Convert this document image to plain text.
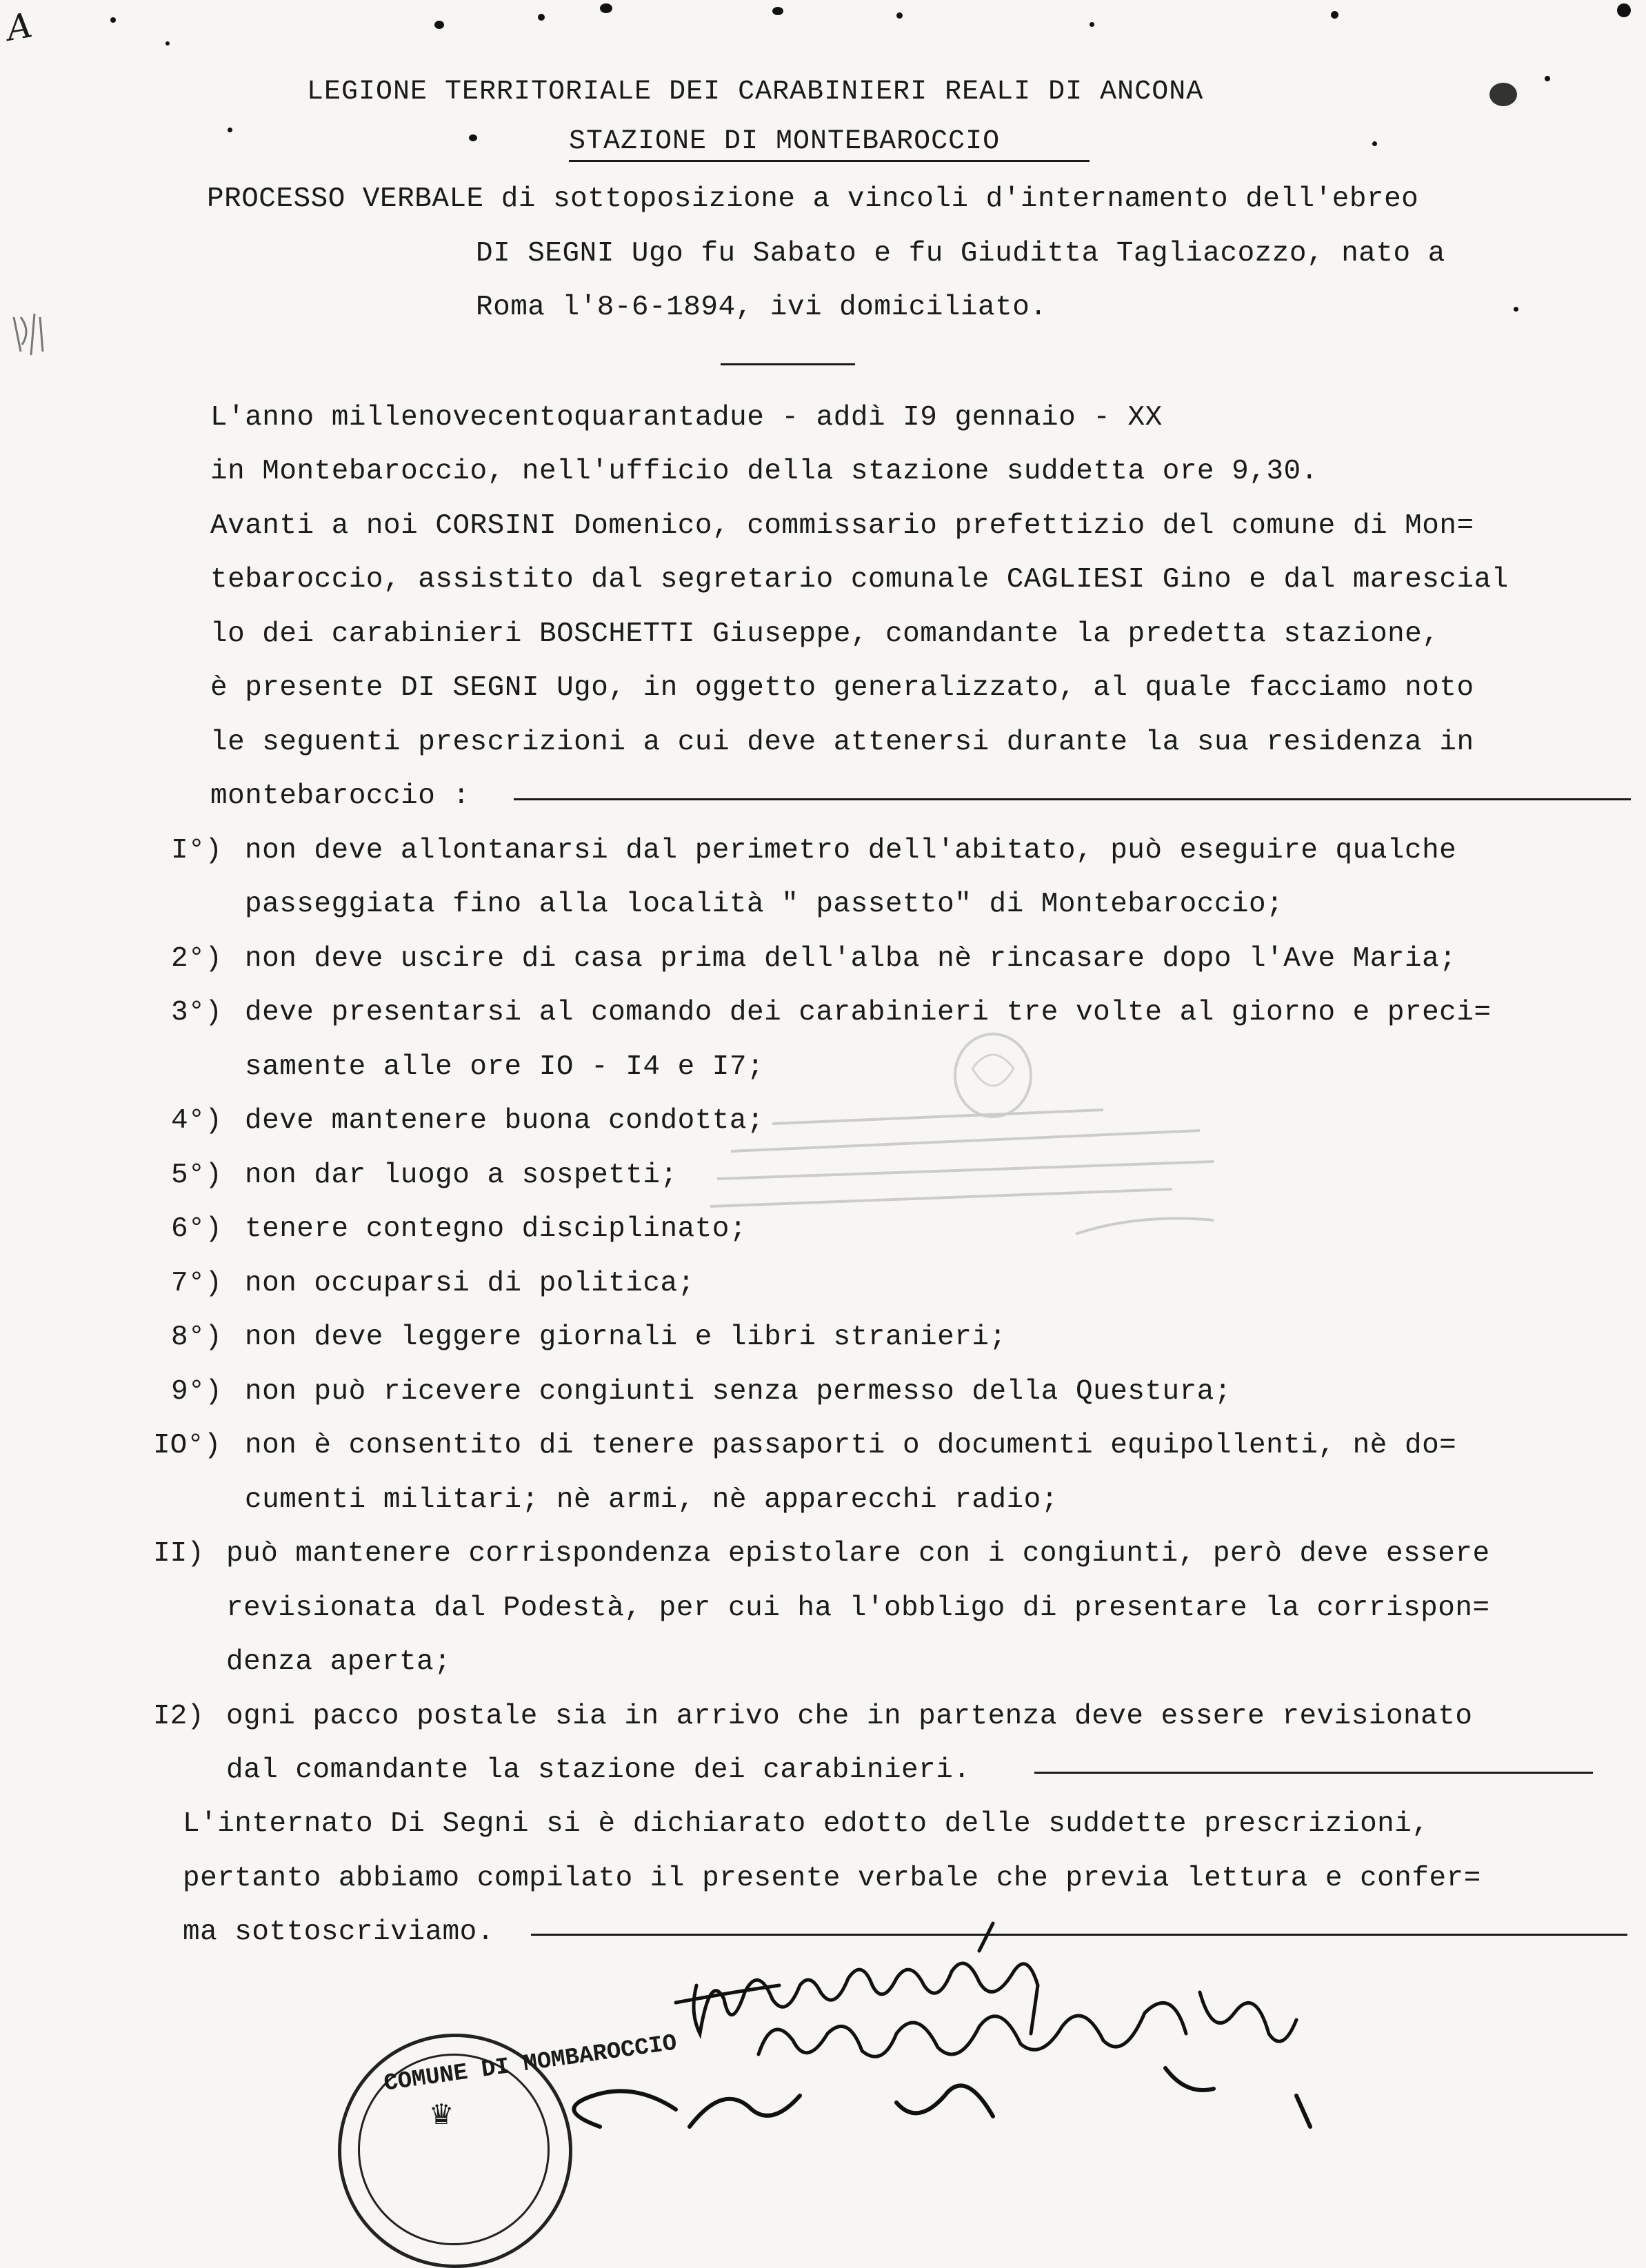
A
LEGIONE TERRITORIALE DEI CARABINIERI REALI DI ANCONA
STAZIONE DI MONTEBAROCCIO
PROCESSO VERBALE di sottoposizione a vincoli d'internamento dell'ebreo
DI SEGNI Ugo fu Sabato e fu Giuditta Tagliacozzo, nato a
Roma l'8-6-1894, ivi domiciliato.
L'anno millenovecentoquarantadue - addì I9 gennaio - XX
in Montebaroccio, nell'ufficio della stazione suddetta ore 9,30.
Avanti a noi CORSINI Domenico, commissario prefettizio del comune di Mon=
tebaroccio, assistito dal segretario comunale CAGLIESI Gino e dal marescial
lo dei carabinieri BOSCHETTI Giuseppe, comandante la predetta stazione,
è presente DI SEGNI Ugo, in oggetto generalizzato, al quale facciamo noto
le seguenti prescrizioni a cui deve attenersi durante la sua residenza in
montebaroccio :
I°) non deve allontanarsi dal perimetro dell'abitato, può eseguire qualche
passeggiata fino alla località " passetto" di Montebaroccio;
2°) non deve uscire di casa prima dell'alba nè rincasare dopo l'Ave Maria;
3°) deve presentarsi al comando dei carabinieri tre volte al giorno e preci=
samente alle ore IO - I4 e I7;
4°) deve mantenere buona condotta;
5°) non dar luogo a sospetti;
6°) tenere contegno disciplinato;
7°) non occuparsi di politica;
8°) non deve leggere giornali e libri stranieri;
9°) non può ricevere congiunti senza permesso della Questura;
IO°) non è consentito di tenere passaporti o documenti equipollenti, nè do=
cumenti militari; nè armi, nè apparecchi radio;
II) può mantenere corrispondenza epistolare con i congiunti, però deve essere
revisionata dal Podestà, per cui ha l'obbligo di presentare la corrispon=
denza aperta;
I2) ogni pacco postale sia in arrivo che in partenza deve essere revisionato
dal comandante la stazione dei carabinieri.
L'internato Di Segni si è dichiarato edotto delle suddette prescrizioni,
pertanto abbiamo compilato il presente verbale che previa lettura e confer=
ma sottoscriviamo.
COMUNE DI MOMBAROCCIO
♛
